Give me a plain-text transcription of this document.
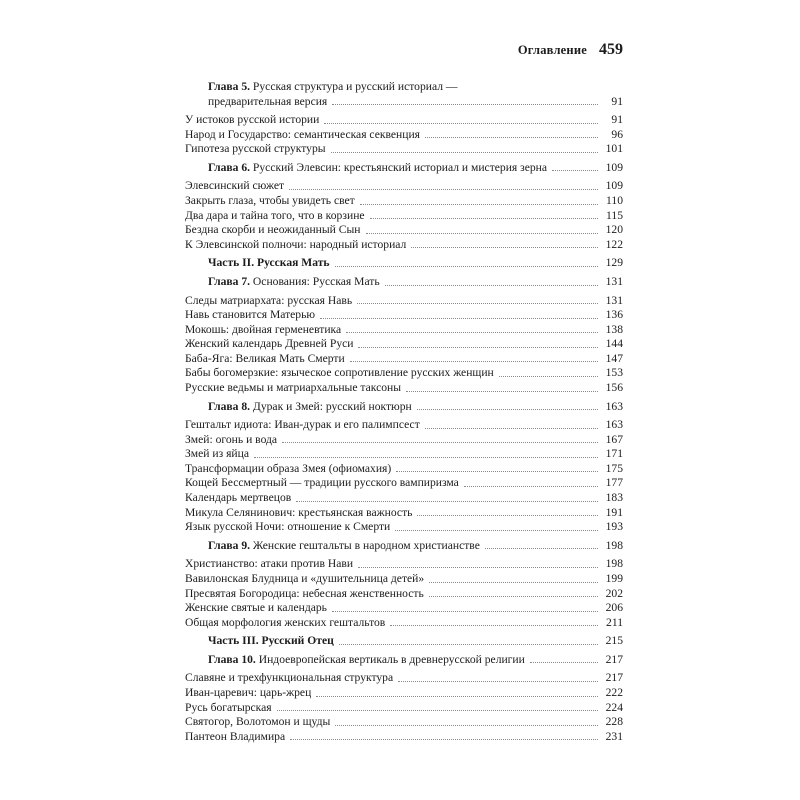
Оглавление 459
Глава 5. Русская структура и русский историал —
предварительная версия	91
У истоков русской истории	91
Народ и Государство: семантическая секвенция	96
Гипотеза русской структуры	101
Глава 6. Русский Элевсин: крестьянский историал и мистерия зерна	109
Элевсинский сюжет	109
Закрыть глаза, чтобы увидеть свет	110
Два дара и тайна того, что в корзине	115
Бездна скорби и неожиданный Сын	120
К Элевсинской полночи: народный историал	122
Часть II. Русская Мать	129
Глава 7. Основания: Русская Мать	131
Следы матриархата: русская Навь	131
Навь становится Матерью	136
Мокошь: двойная герменевтика	138
Женский календарь Древней Руси	144
Баба-Яга: Великая Мать Смерти	147
Бабы богомерзкие: языческое сопротивление русских женщин	153
Русские ведьмы и матриархальные таксоны	156
Глава 8. Дурак и Змей: русский ноктюрн	163
Гештальт идиота: Иван-дурак и его палимпсест	163
Змей: огонь и вода	167
Змей из яйца	171
Трансформации образа Змея (офиомахия)	175
Кощей Бессмертный — традиции русского вампиризма	177
Календарь мертвецов	183
Микула Селянинович: крестьянская важность	191
Язык русской Ночи: отношение к Смерти	193
Глава 9. Женские гештальты в народном христианстве	198
Христианство: атаки против Нави	198
Вавилонская Блудница и «душительница детей»	199
Пресвятая Богородица: небесная женственность	202
Женские святые и календарь	206
Общая морфология женских гештальтов	211
Часть III. Русский Отец	215
Глава 10. Индоевропейская вертикаль в древнерусской религии	217
Славяне и трехфункциональная структура	217
Иван-царевич: царь-жрец	222
Русь богатырская	224
Святогор, Волотомон и щуды	228
Пантеон Владимира	231
